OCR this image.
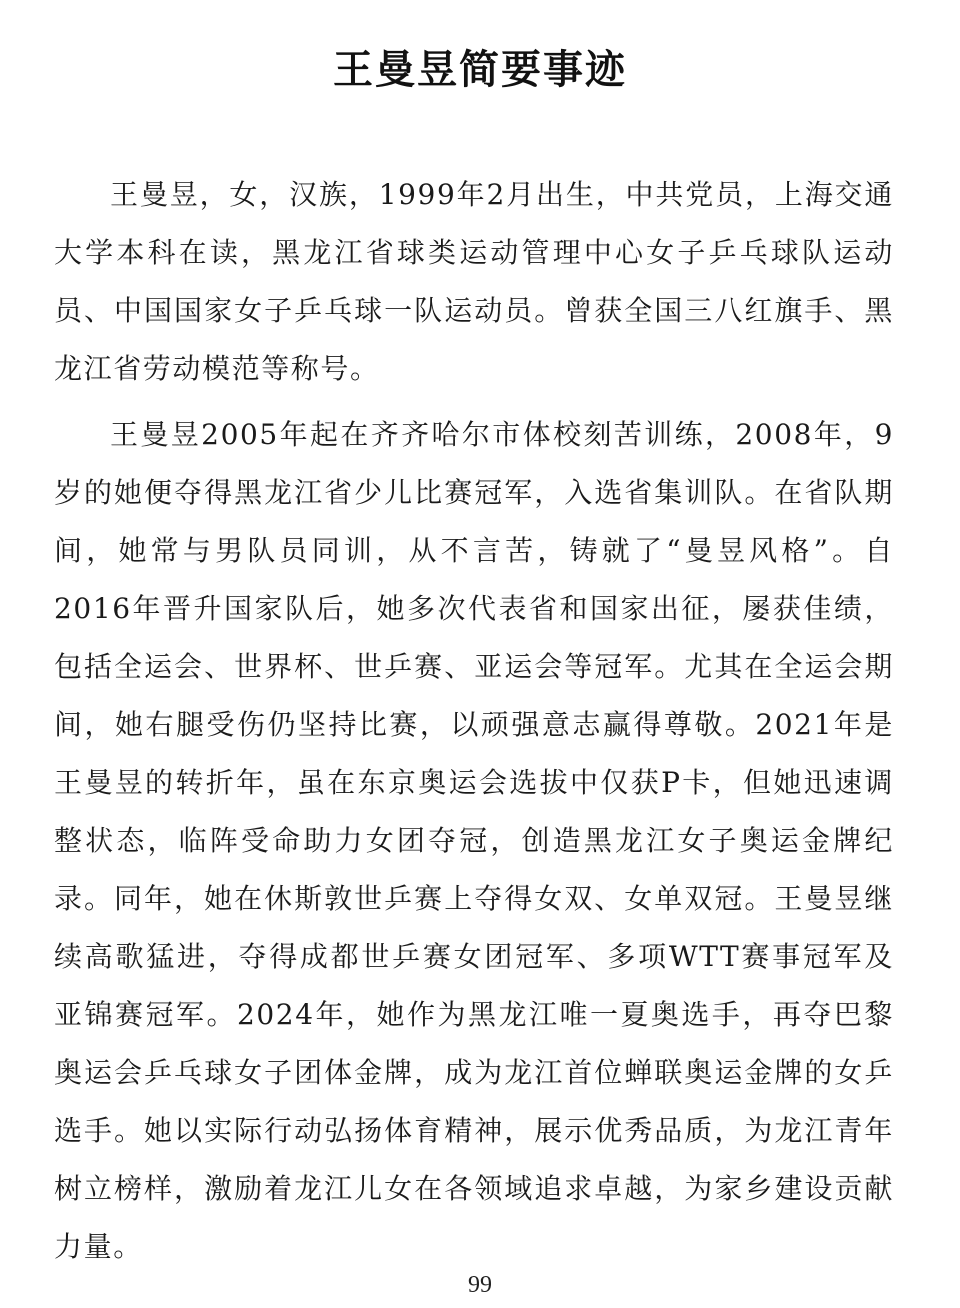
王曼昱简要事迹

王曼昱，女，汉族，1999年2月出生，中共党员，上海交通大学本科在读，黑龙江省球类运动管理中心女子乒乓球队运动员、中国国家女子乒乓球一队运动员。曾获全国三八红旗手、黑龙江省劳动模范等称号。

王曼昱2005年起在齐齐哈尔市体校刻苦训练，2008年，9岁的她便夺得黑龙江省少儿比赛冠军，入选省集训队。在省队期间，她常与男队员同训，从不言苦，铸就了“曼昱风格”。自2016年晋升国家队后，她多次代表省和国家出征，屡获佳绩，包括全运会、世界杯、世乒赛、亚运会等冠军。尤其在全运会期间，她右腿受伤仍坚持比赛，以顽强意志赢得尊敬。2021年是王曼昱的转折年，虽在东京奥运会选拔中仅获P卡，但她迅速调整状态，临阵受命助力女团夺冠，创造黑龙江女子奥运金牌纪录。同年，她在休斯敦世乒赛上夺得女双、女单双冠。王曼昱继续高歌猛进，夺得成都世乒赛女团冠军、多项WTT赛事冠军及亚锦赛冠军。2024年，她作为黑龙江唯一夏奥选手，再夺巴黎奥运会乒乓球女子团体金牌，成为龙江首位蝉联奥运金牌的女乒选手。她以实际行动弘扬体育精神，展示优秀品质，为龙江青年树立榜样，激励着龙江儿女在各领域追求卓越，为家乡建设贡献力量。

99
